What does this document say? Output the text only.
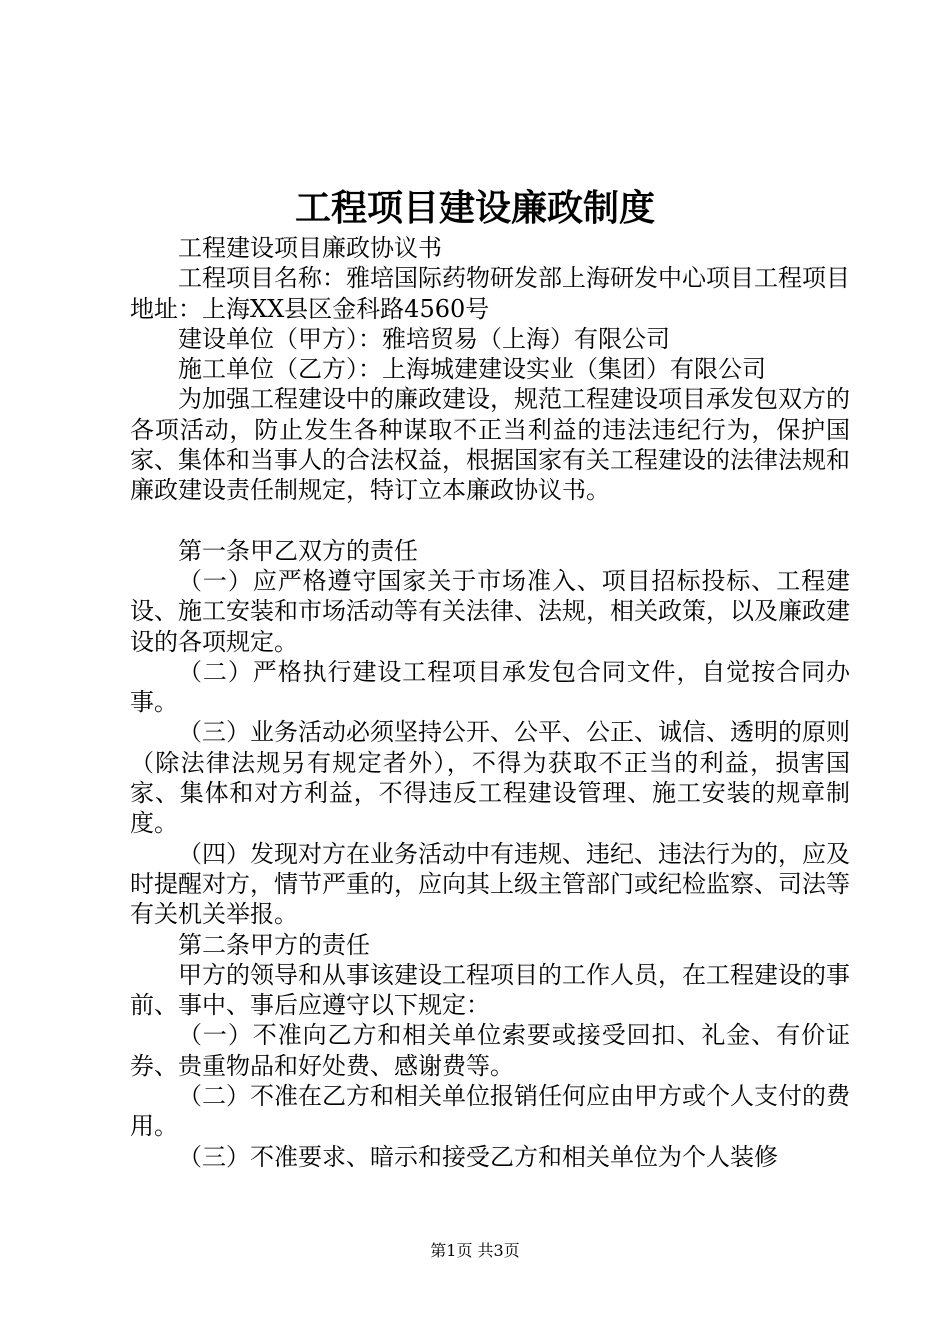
工程项目建设廉政制度

工程建设项目廉政协议书

工程项目名称：雅培国际药物研发部上海研发中心项目工程项目地址：上海XX县区金科路4560号

建设单位（甲方）：雅培贸易（上海）有限公司

施工单位（乙方）：上海城建建设实业（集团）有限公司

为加强工程建设中的廉政建设，规范工程建设项目承发包双方的各项活动，防止发生各种谋取不正当利益的违法违纪行为，保护国家、集体和当事人的合法权益，根据国家有关工程建设的法律法规和廉政建设责任制规定，特订立本廉政协议书。

第一条甲乙双方的责任

（一）应严格遵守国家关于市场准入、项目招标投标、工程建设、施工安装和市场活动等有关法律、法规，相关政策，以及廉政建设的各项规定。

（二）严格执行建设工程项目承发包合同文件，自觉按合同办事。

（三）业务活动必须坚持公开、公平、公正、诚信、透明的原则（除法律法规另有规定者外），不得为获取不正当的利益，损害国家、集体和对方利益，不得违反工程建设管理、施工安装的规章制度。

（四）发现对方在业务活动中有违规、违纪、违法行为的，应及时提醒对方，情节严重的，应向其上级主管部门或纪检监察、司法等有关机关举报。

第二条甲方的责任

甲方的领导和从事该建设工程项目的工作人员，在工程建设的事前、事中、事后应遵守以下规定：

（一）不准向乙方和相关单位索要或接受回扣、礼金、有价证券、贵重物品和好处费、感谢费等。

（二）不准在乙方和相关单位报销任何应由甲方或个人支付的费用。

（三）不准要求、暗示和接受乙方和相关单位为个人装修

第1页 共3页
